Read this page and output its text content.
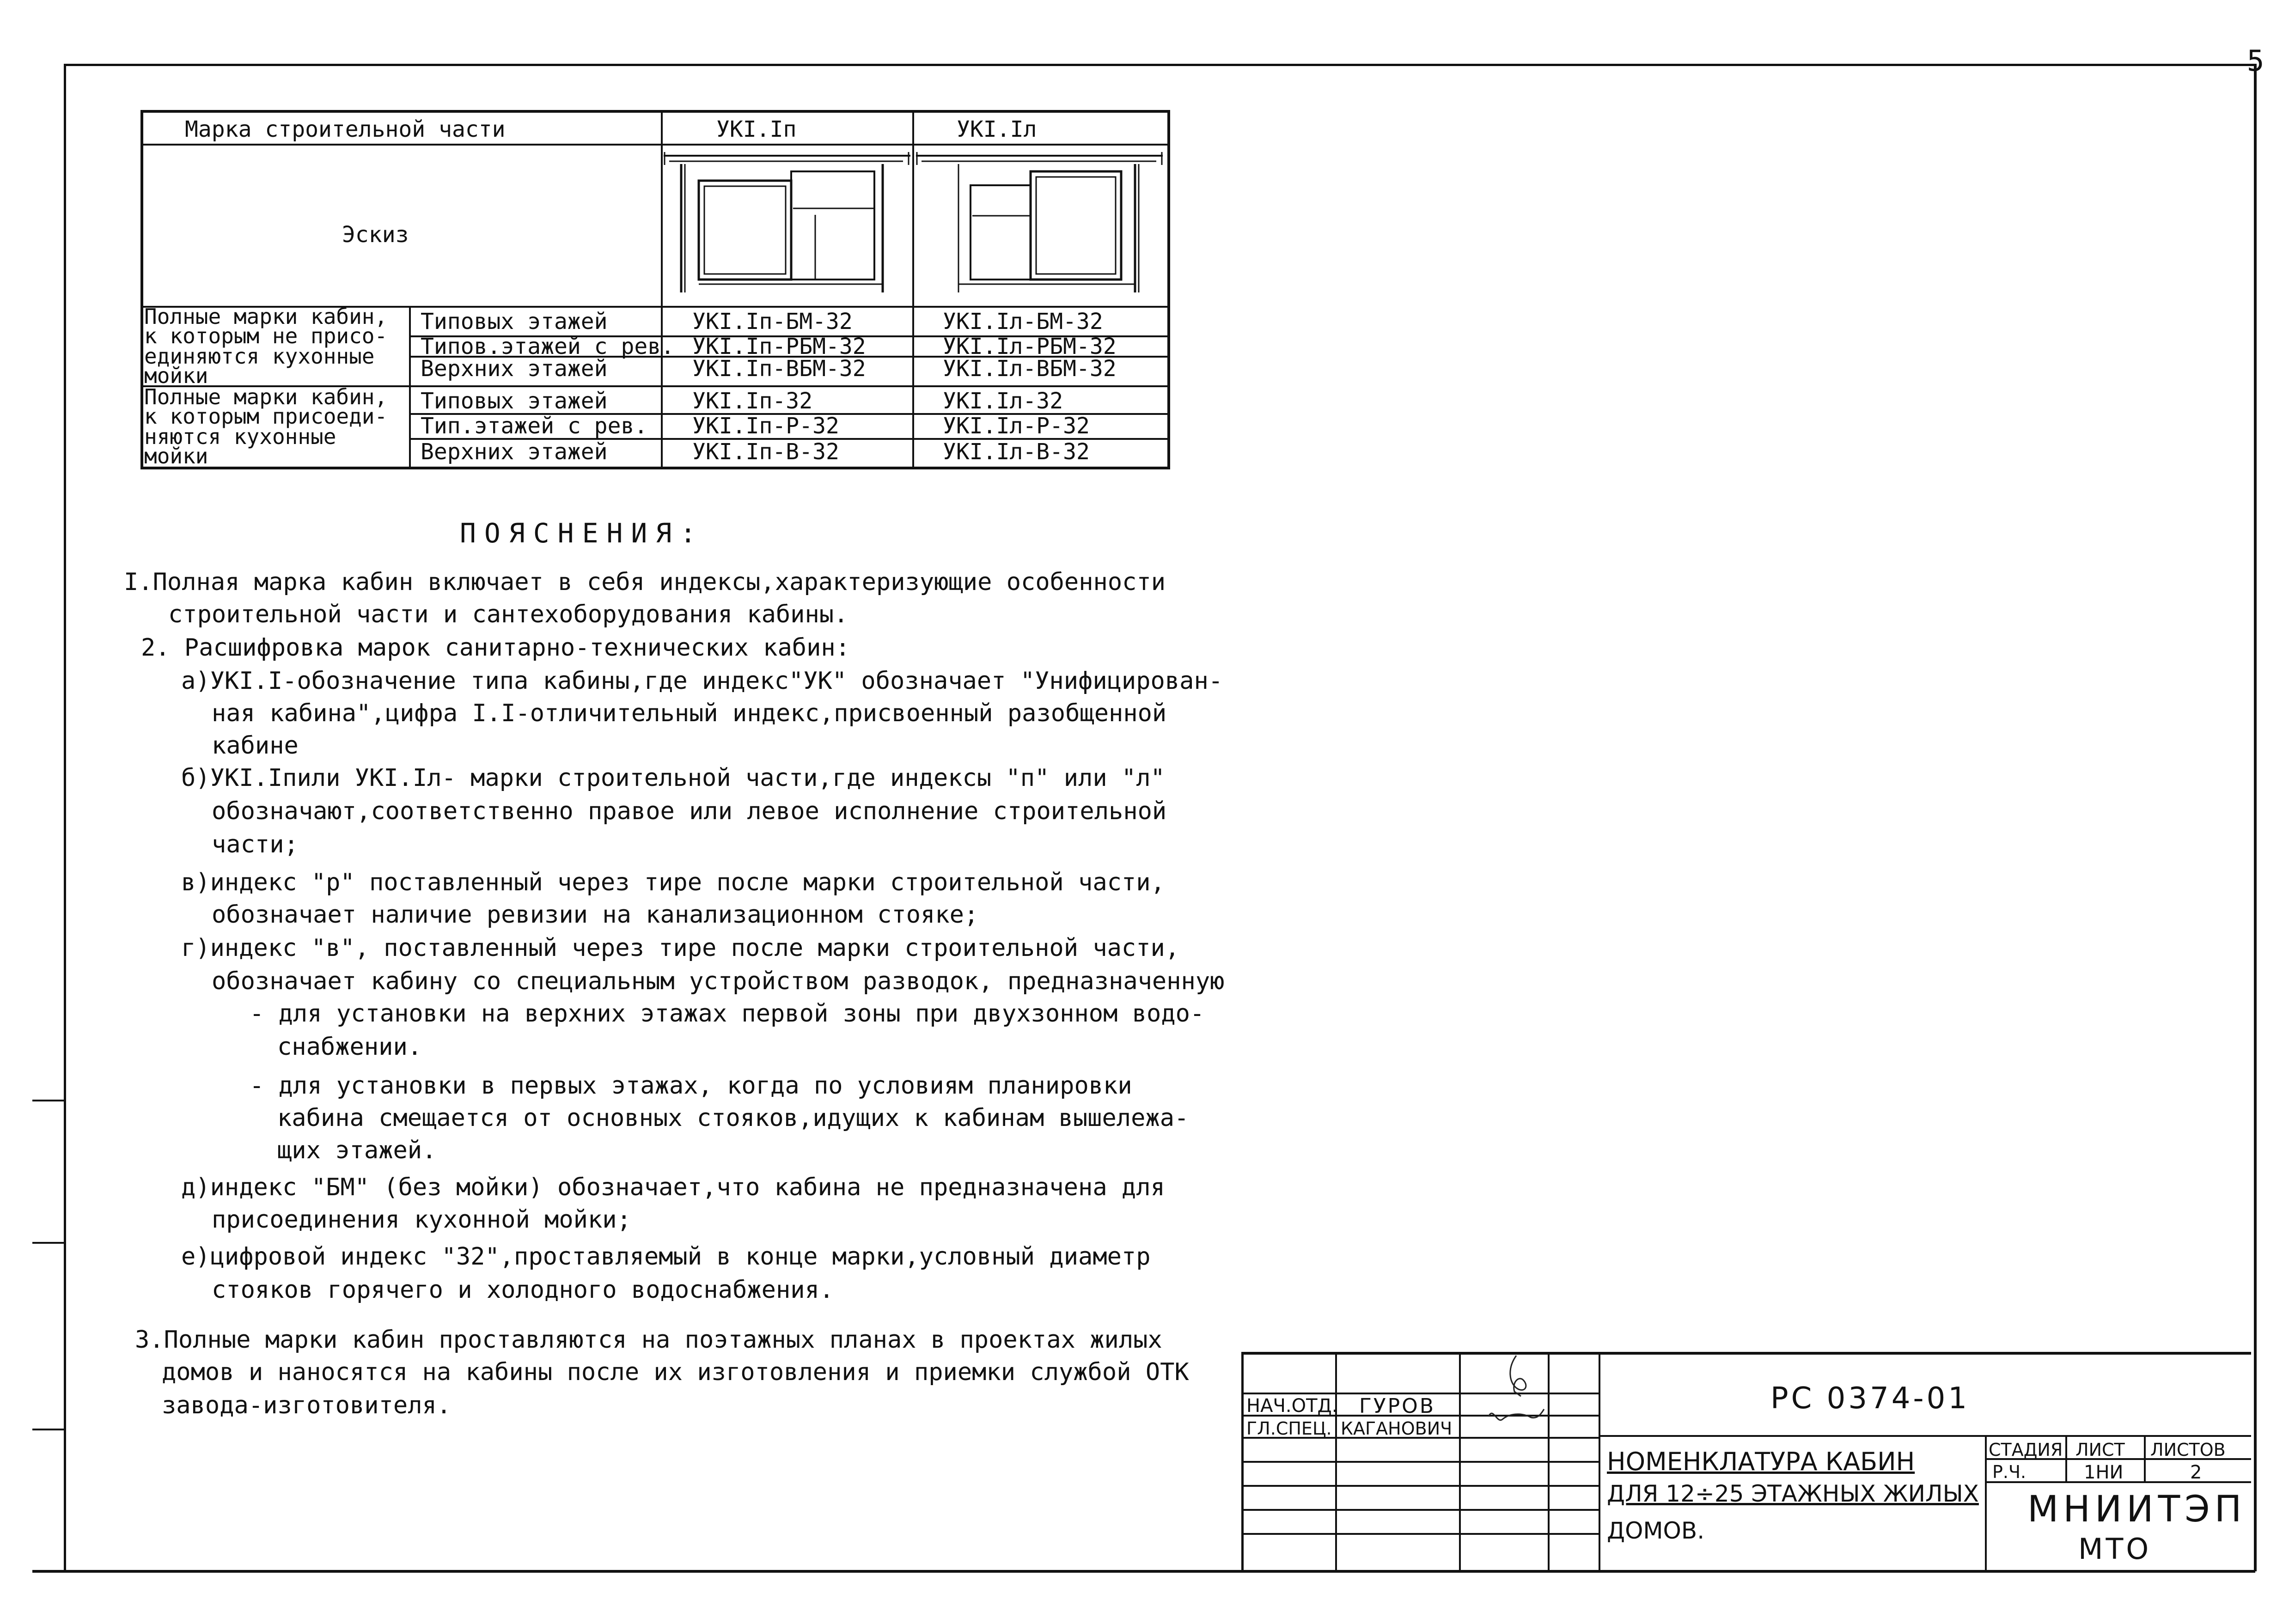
5
Марка строительной части	УКI.Iп	УКI.Iл
Эскиз
Полные марки кабин,
к которым не присо-
единяются кухонные
мойки
Полные марки кабин,
к которым присоеди-
няются кухонные
мойки
Типовых этажей	УКI.Iп-БМ-32	УКI.Iл-БМ-32
Типов.этажей с рев. УКI.Iп-РБМ-32	УКI.Iл-РБМ-32
Верхних этажей	УКI.Iп-ВБМ-32	УКI.Iл-ВБМ-32
Типовых этажей	УКI.Iп-32	УКI.Iл-32
Тип.этажей с рев. УКI.Iп-Р-32	УКI.Iл-Р-32
Верхних этажей	УКI.Iп-В-32	УКI.Iл-В-32
ПОЯСНЕНИЯ:
I.Полная марка кабин включает в себя индексы,характеризующие особенности
строительной части и сантехоборудования кабины.
2. Расшифровка марок санитарно-технических кабин:
а)УКI.I-обозначение типа кабины,где индекс"УК" обозначает "Унифицирован-
ная кабина",цифра I.I-отличительный индекс,присвоенный разобщенной
кабине
б)УКI.Iпили УКI.Iл- марки строительной части,где индексы "п" или "л"
обозначают,соответственно правое или левое исполнение строительной
части;
в)индекс "р" поставленный через тире после марки строительной части,
обозначает наличие ревизии на канализационном стояке;
г)индекс "в", поставленный через тире после марки строительной части,
обозначает кабину со специальным устройством разводок, предназначенную
- для установки на верхних этажах первой зоны при двухзонном водо-
снабжении.
- для установки в первых этажах, когда по условиям планировки
кабина смещается от основных стояков,идущих к кабинам вышележа-
щих этажей.
д)индекс "БМ" (без мойки) обозначает,что кабина не предназначена для
присоединения кухонной мойки;
е)цифровой индекс "32",проставляемый в конце марки,условный диаметр
стояков горячего и холодного водоснабжения.
3.Полные марки кабин проставляются на поэтажных планах в проектах жилых
домов и наносятся на кабины после их изготовления и приемки службой ОТК
завода-изготовителя.	НАЧ.ОТД. ГУРОВ
ГЛ.СПЕЦ. КАГАНОВИЧ
РС 0374-01
НОМЕНКЛАТУРА КАБИН
ДЛЯ 12÷25 ЭТАЖНЫХ ЖИЛЫХ
ДОМОВ.
СТАДИЯ ЛИСТ ЛИСТОВ
Р.Ч.	1НИ	2
МНИИТЭП
МТО
